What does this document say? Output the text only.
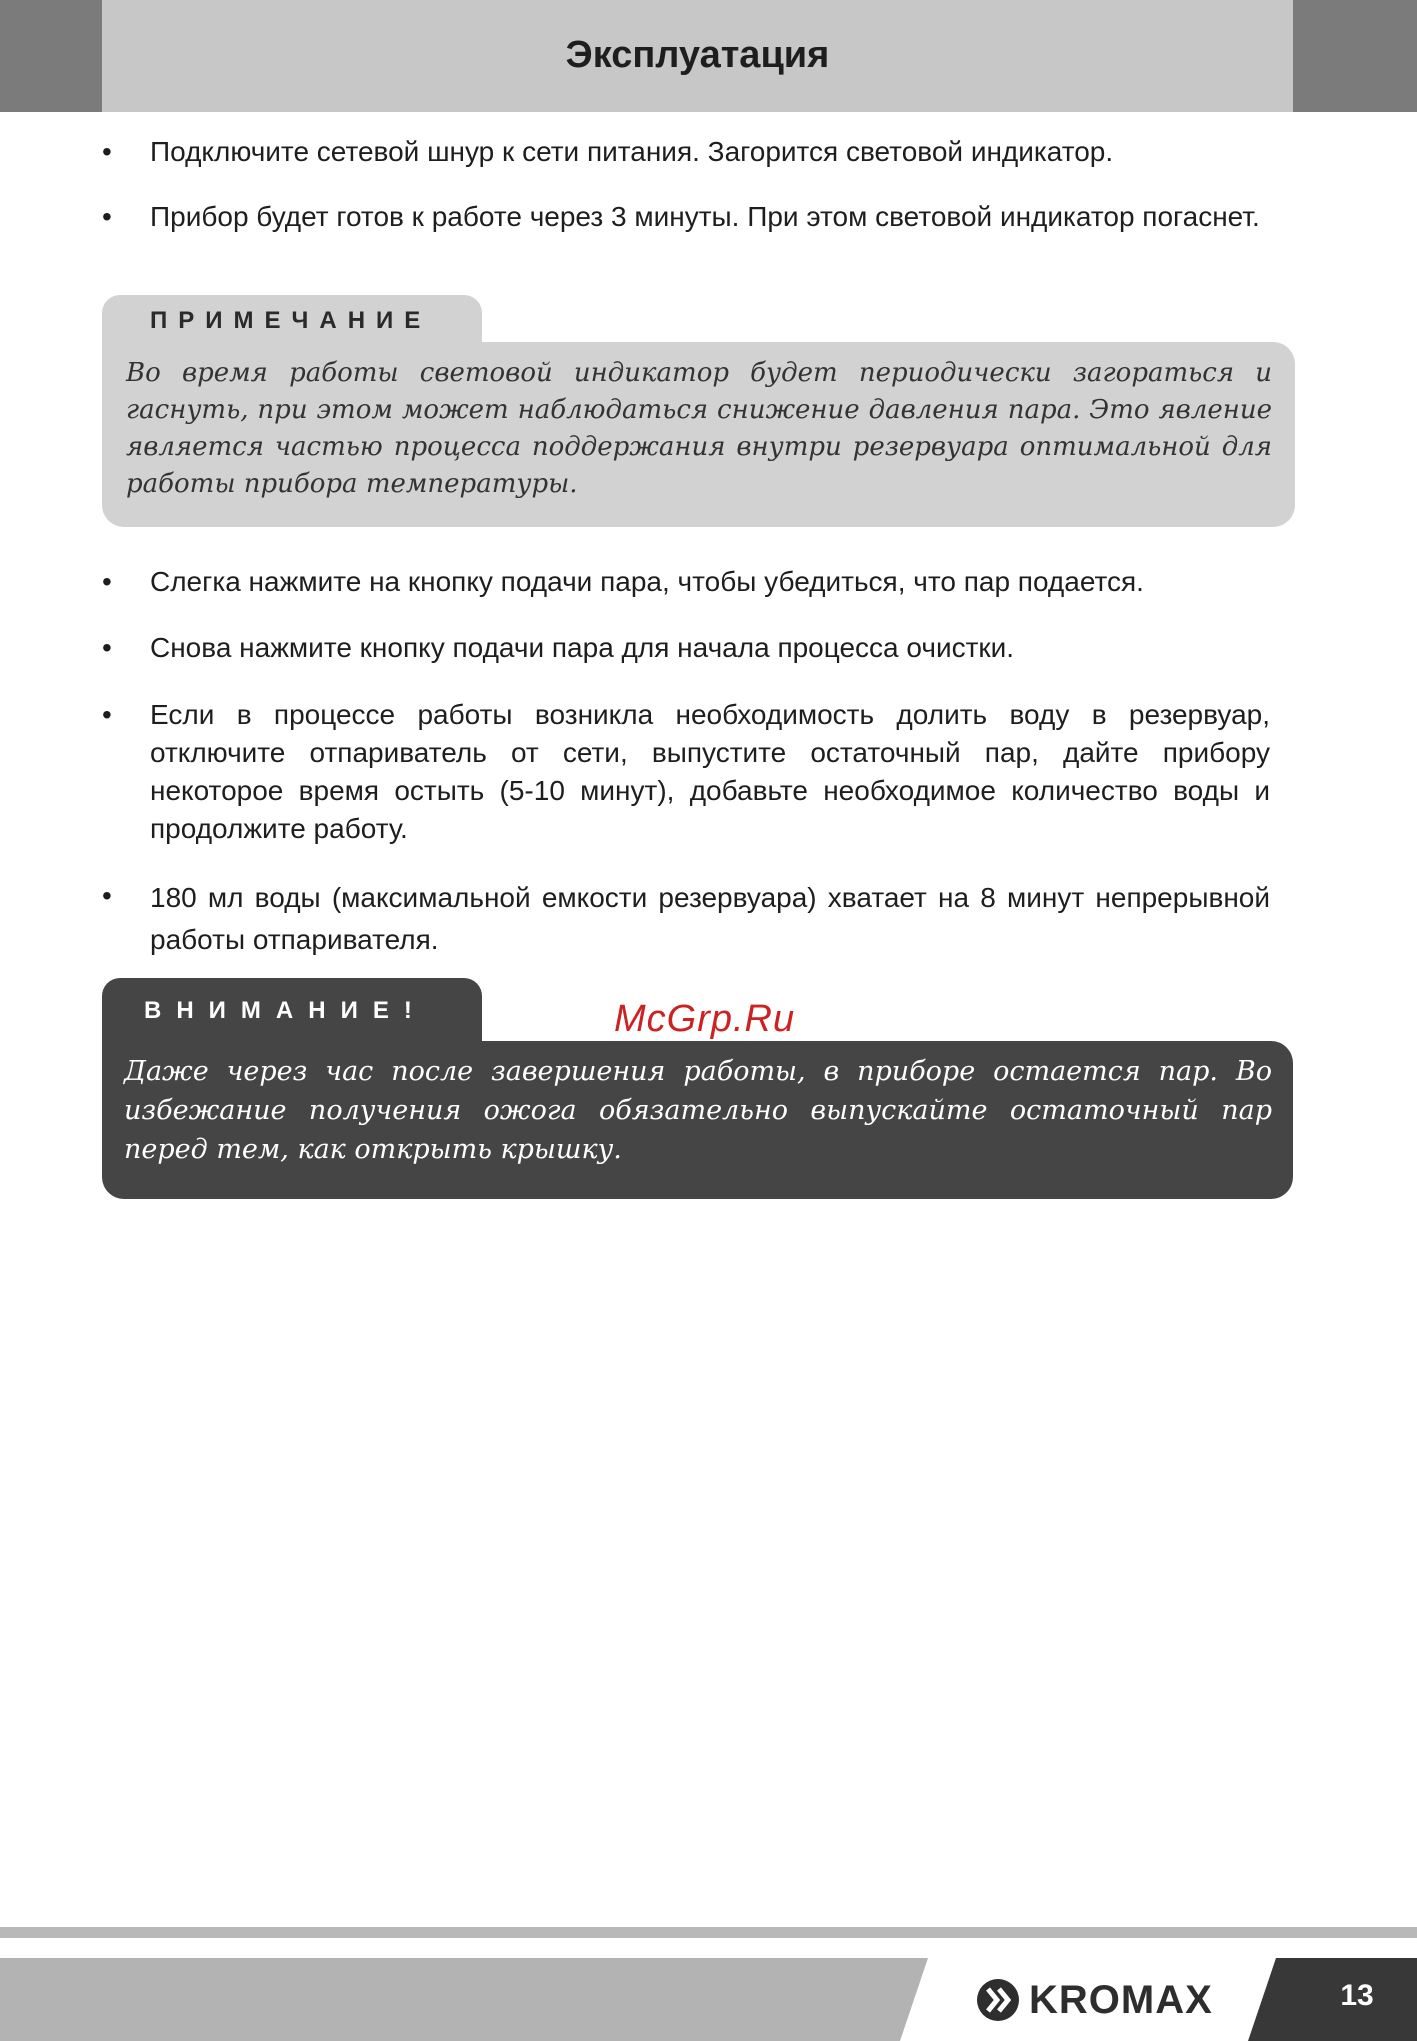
Эксплуатация
• Подключите сетевой шнур к сети питания. Загорится световой индикатор.
• Прибор будет готов к работе через 3 минуты. При этом световой индикатор погаснет.
ПРИМЕЧАНИЕ
Во время работы световой индикатор будет периодически загораться и гаснуть, при этом может наблюдаться снижение давления пара. Это явление является частью процесса поддержания внутри резервуара оптимальной для работы прибора температуры.
• Слегка нажмите на кнопку подачи пара, чтобы убедиться, что пар подается.
• Снова нажмите кнопку подачи пара для начала процесса очистки.
• Если в процессе работы возникла необходимость долить воду в резервуар, отключите отпариватель от сети, выпустите остаточный пар, дайте прибору некоторое время остыть (5-10 минут), добавьте необходимое количество воды и продолжите работу.
• 180 мл воды (максимальной емкости резервуара) хватает на 8 минут непрерывной работы отпаривателя.
ВНИМАНИЕ!
Даже через час после завершения работы, в приборе остается пар. Во избежание получения ожога обязательно выпускайте остаточный пар перед тем, как открыть крышку.
McGrp.Ru
KROMAX	13
